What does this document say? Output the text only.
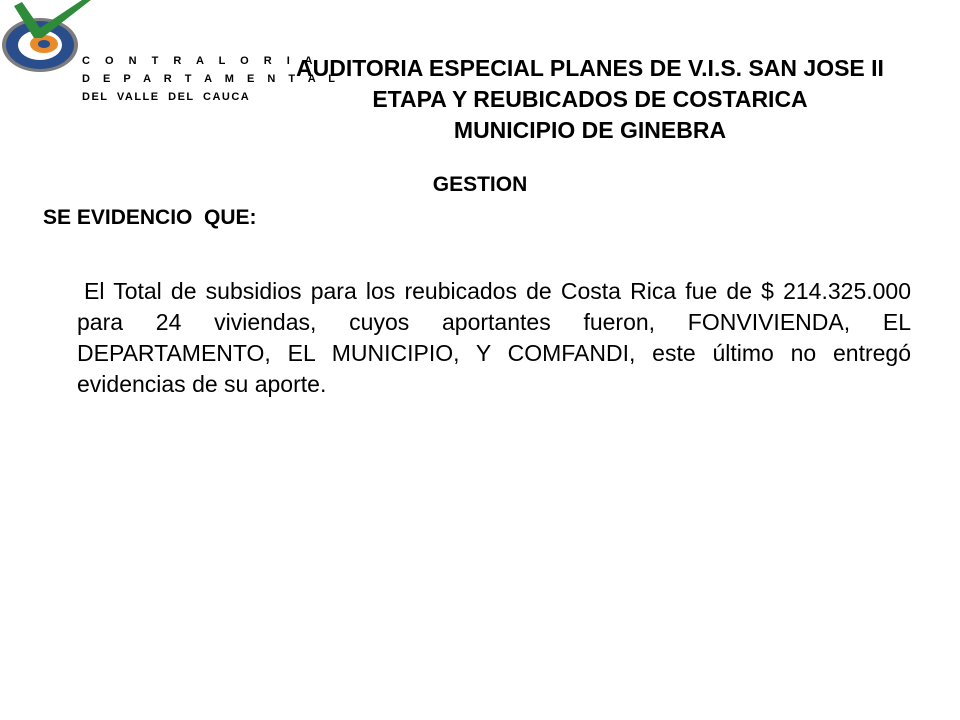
C O N T R A L O R I A
D E P A R T A M E N T A L
DEL VALLE DEL CAUCA
AUDITORIA ESPECIAL PLANES DE V.I.S. SAN JOSE II
ETAPA Y REUBICADOS DE COSTARICA
MUNICIPIO DE GINEBRA
GESTION
SE EVIDENCIO  QUE:
El Total de subsidios para los reubicados de Costa Rica fue de $ 214.325.000 para 24 viviendas, cuyos aportantes fueron, FONVIVIENDA, EL DEPARTAMENTO, EL MUNICIPIO, Y COMFANDI, este último no entregó evidencias de su aporte.
